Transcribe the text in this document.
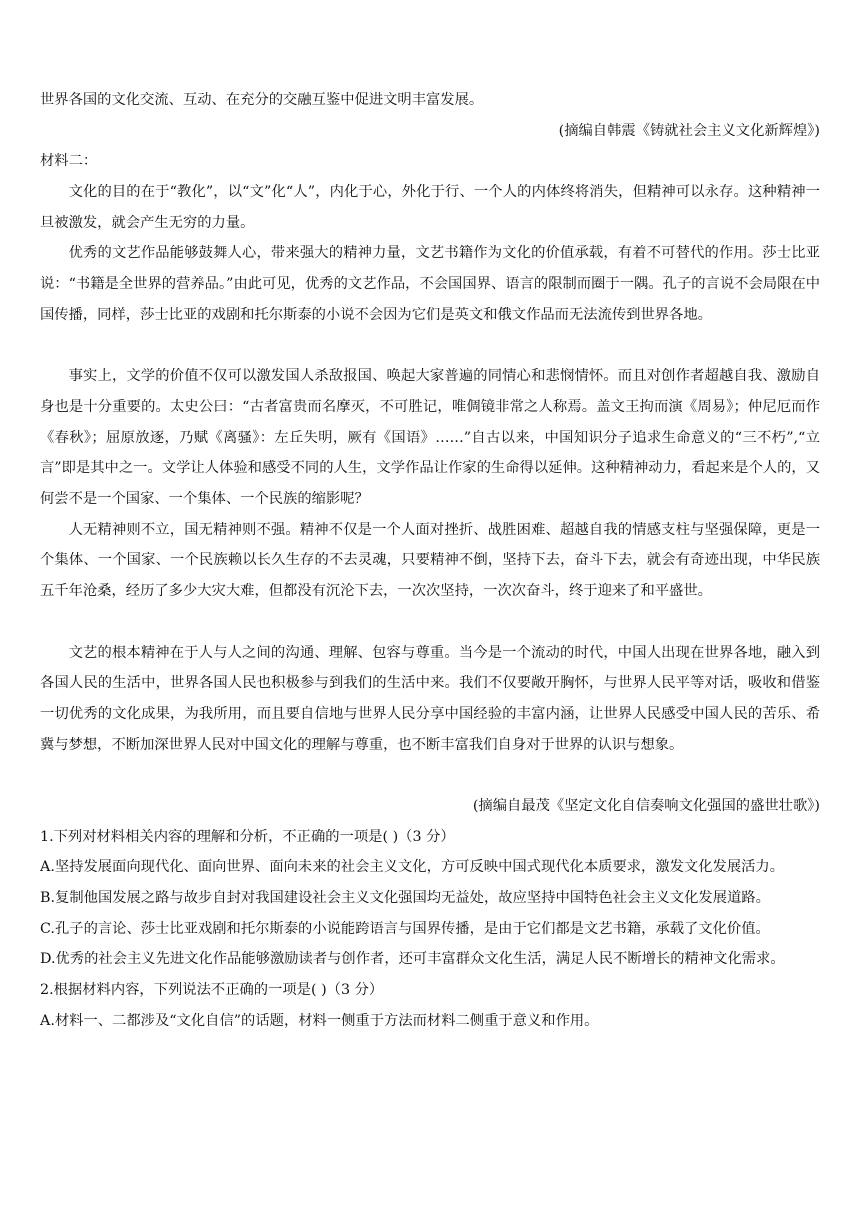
世界各国的文化交流、互动、在充分的交融互鉴中促进文明丰富发展。
(摘编自韩震《铸就社会主义文化新辉煌》)
材料二：
文化的目的在于“教化”，以“文”化“人”，内化于心，外化于行、一个人的内体终将消失，但精神可以永存。这种精神一旦被激发，就会产生无穷的力量。
优秀的文艺作品能够鼓舞人心，带来强大的精神力量，文艺书籍作为文化的价值承载，有着不可替代的作用。莎士比亚说：“书籍是全世界的营养品。”由此可见，优秀的文艺作品，不会国国界、语言的限制而圈于一隅。孔子的言说不会局限在中国传播，同样，莎士比亚的戏剧和托尔斯泰的小说不会因为它们是英文和俄文作品而无法流传到世界各地。
事实上，文学的价值不仅可以激发国人杀敌报国、唤起大家普遍的同情心和悲悯情怀。而且对创作者超越自我、激励自身也是十分重要的。太史公曰：“古者富贵而名摩灭，不可胜记，唯倜镜非常之人称焉。盖文王拘而演《周易》；仲尼厄而作《春秋》；屈原放逐，乃赋《离骚》：左丘失明，厥有《国语》……”自古以来，中国知识分子追求生命意义的“三不朽”,“立言”即是其中之一。文学让人体验和感受不同的人生，文学作品让作家的生命得以延伸。这种精神动力，看起来是个人的，又何尝不是一个国家、一个集体、一个民族的缩影呢？
人无精神则不立，国无精神则不强。精神不仅是一个人面对挫折、战胜困难、超越自我的情感支柱与坚强保障，更是一个集体、一个国家、一个民族赖以长久生存的不去灵魂，只要精神不倒，坚持下去，奋斗下去，就会有奇迹出现，中华民族五千年沧桑，经历了多少大灾大难，但都没有沉沦下去，一次次坚持，一次次奋斗，终于迎来了和平盛世。
文艺的根本精神在于人与人之间的沟通、理解、包容与尊重。当今是一个流动的时代，中国人出现在世界各地，融入到各国人民的生活中，世界各国人民也积极参与到我们的生活中来。我们不仅要敞开胸怀，与世界人民平等对话，吸收和借鉴一切优秀的文化成果，为我所用，而且要自信地与世界人民分享中国经验的丰富内涵，让世界人民感受中国人民的苦乐、希冀与梦想，不断加深世界人民对中国文化的理解与尊重，也不断丰富我们自身对于世界的认识与想象。
(摘编自最茂《坚定文化自信奏响文化强国的盛世壮歌》)
1.下列对材料相关内容的理解和分析，不正确的一项是( )（3 分）
A.坚持发展面向现代化、面向世界、面向未来的社会主义文化，方可反映中国式现代化本质要求，激发文化发展活力。
B.复制他国发展之路与故步自封对我国建设社会主义文化强国均无益处，故应坚持中国特色社会主义文化发展道路。
C.孔子的言论、莎士比亚戏剧和托尔斯泰的小说能跨语言与国界传播，是由于它们都是文艺书籍，承载了文化价值。
D.优秀的社会主义先进文化作品能够激励读者与创作者，还可丰富群众文化生活，满足人民不断增长的精神文化需求。
2.根据材料内容，下列说法不正确的一项是( )（3 分）
A.材料一、二都涉及“文化自信”的话题，材料一侧重于方法而材料二侧重于意义和作用。
